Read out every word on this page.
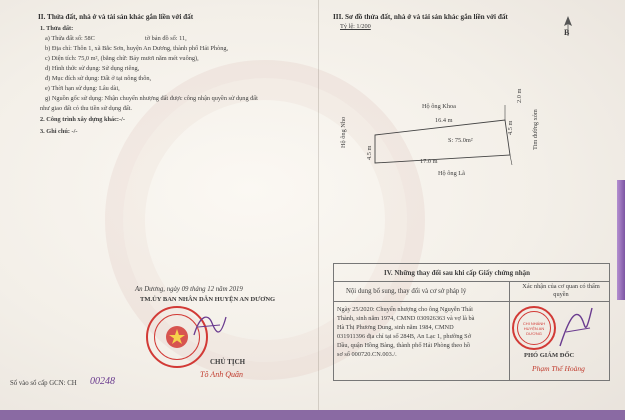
II. Thửa đất, nhà ở và tài sản khác gắn liền với đất
1. Thửa đất:
a) Thửa đất số: 58C	tờ bản đồ số: 11,
b) Địa chỉ: Thôn 1, xã Bắc Sơn, huyện An Dương, thành phố Hải Phòng,
c) Diện tích: 75,0 m², (bằng chữ: Bảy mươi năm mét vuông),
d) Hình thức sử dụng: Sử dụng riêng,
đ) Mục đích sử dụng: Đất ở tại nông thôn,
e) Thời hạn sử dụng: Lâu dài,
g) Nguồn gốc sử dụng: Nhận chuyển nhượng đất được công nhận quyền sử dụng đất
như giao đất có thu tiền sử dụng đất.
2. Công trình xây dựng khác:-/-
3. Ghi chú: -/-
An Dương, ngày 09 tháng 12 năm 2019
TM.ỦY BAN NHÂN DÂN HUYỆN AN DƯƠNG
CHỦ TỊCH
Tô Anh Quân
Số vào sổ cấp GCN: CH 00248
III. Sơ đồ thửa đất, nhà ở và tài sản khác gắn liền với đất
Tỷ lệ: 1/200
B
Hộ ông Khoa
16.4 m
17.0 m
Hộ ông Lã
S: 75.0m²
Hộ ông Nho
4.5 m
4.5 m
2.0 m
Tim đường xóm
IV. Những thay đổi sau khi cấp Giấy chứng nhận
Nội dung bổ sung, thay đổi và cơ sở pháp lý
Xác nhận của cơ quan có thẩm quyền
Ngày 25/2020: Chuyển nhượng cho ông Nguyễn Thái
Thành, sinh năm 1974, CMND 030926363 và vợ là bà
Hà Thị Phương Dung, sinh năm 1984, CMND
031911396 địa chỉ tại số 284B, An Lạc 1, phường Sở
Dầu, quận Hồng Bàng, thành phố Hải Phòng theo hồ
sơ số 000720.CN.003./.
CHI NHÁNH HUYỆN AN DƯƠNG
PHÓ GIÁM ĐỐC
Phạm Thế Hoàng
